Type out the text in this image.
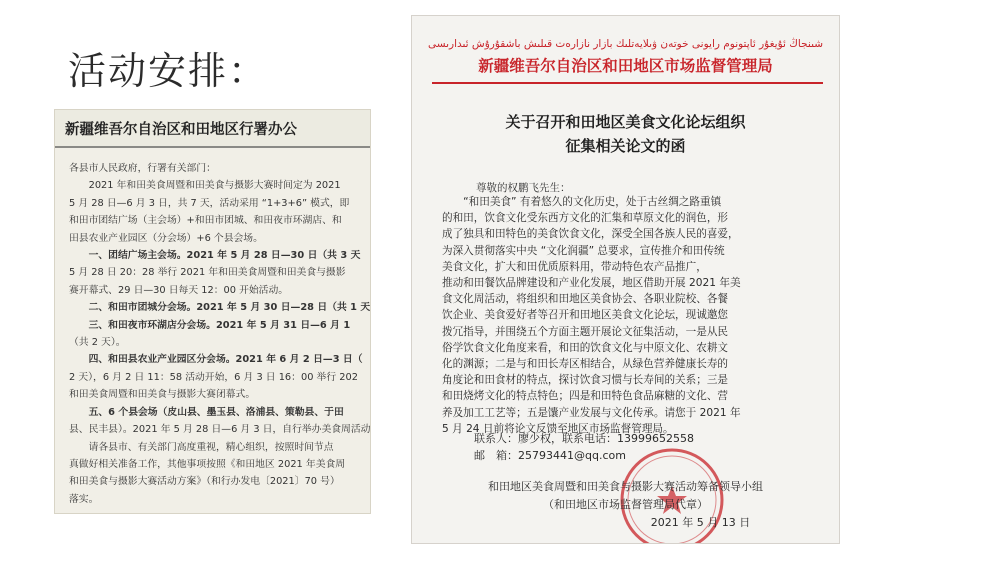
活动安排：
新疆维吾尔自治区和田地区行署办公
各县市人民政府，行署有关部门：
　　2021 年和田美食周暨和田美食与摄影大赛时间定为 2021
5 月 28 日—6 月 3 日，共 7 天，活动采用 “1+3+6” 模式，即
和田市团结广场（主会场）+和田市团城、和田夜市环湖店、和
田县农业产业园区（分会场）+6 个县会场。
　　一、团结广场主会场。2021 年 5 月 28 日—30 日（共 3 天
5 月 28 日 20：28 举行 2021 年和田美食周暨和田美食与摄影
赛开幕式、29 日—30 日每天 12：00 开始活动。
　　二、和田市团城分会场。2021 年 5 月 30 日—28 日（共 1 天
　　三、和田夜市环湖店分会场。2021 年 5 月 31 日—6 月 1
（共 2 天）。
　　四、和田县农业产业园区分会场。2021 年 6 月 2 日—3 日（
2 天），6 月 2 日 11：58 活动开始，6 月 3 日 16：00 举行 202
和田美食周暨和田美食与摄影大赛闭幕式。
　　五、6 个县会场（皮山县、墨玉县、洛浦县、策勒县、于田
县、民丰县）。2021 年 5 月 28 日—6 月 3 日，自行举办美食周活动
　　请各县市、有关部门高度重视，精心组织，按照时间节点
真做好相关准备工作，其他事项按照《和田地区 2021 年美食周
和田美食与摄影大赛活动方案》（和行办发电〔2021〕70 号）
落实。
شىنجاڭ ئۇيغۇر ئاپتونوم رايونى خوتەن ۋىلايەتلىك بازار نازارەت قىلىش باشقۇرۇش ئىدارىسى
新疆维吾尔自治区和田地区市场监督管理局
关于召开和田地区美食文化论坛组织
征集相关论文的函
尊敬的权鹏飞先生：
　　“和田美食” 有着悠久的文化历史，处于古丝绸之路重镇
的和田，饮食文化受东西方文化的汇集和草原文化的润色，形
成了独具和田特色的美食饮食文化，深受全国各族人民的喜爱，
为深入贯彻落实中央 “文化润疆” 总要求，宣传推介和田传统
美食文化，扩大和田优质原料用，带动特色农产品推广，
推动和田餐饮品牌建设和产业化发展，地区借助开展 2021 年美
食文化周活动，将组织和田地区美食协会、各职业院校、各餐
饮企业、美食爱好者等召开和田地区美食文化论坛，现诚邀您
拨冗指导，并围绕五个方面主题开展论文征集活动，一是从民
俗学饮食文化角度来看，和田的饮食文化与中原文化、农耕文
化的渊源；二是与和田长寿区相结合，从绿色营养健康长寿的
角度论和田食材的特点，探讨饮食习惯与长寿间的关系；三是
和田烧烤文化的特点特色；四是和田特色食品麻糖的文化、营
养及加工工艺等；五是馕产业发展与文化传承。请您于 2021 年
5 月 24 日前将论文反馈至地区市场监督管理局。
联系人：廖少权，联系电话：13999652558
邮　箱：25793441@qq.com
和田地区美食周暨和田美食与摄影大赛活动筹备领导小组
（和田地区市场监督管理局代章）
2021 年 5 月 13 日
